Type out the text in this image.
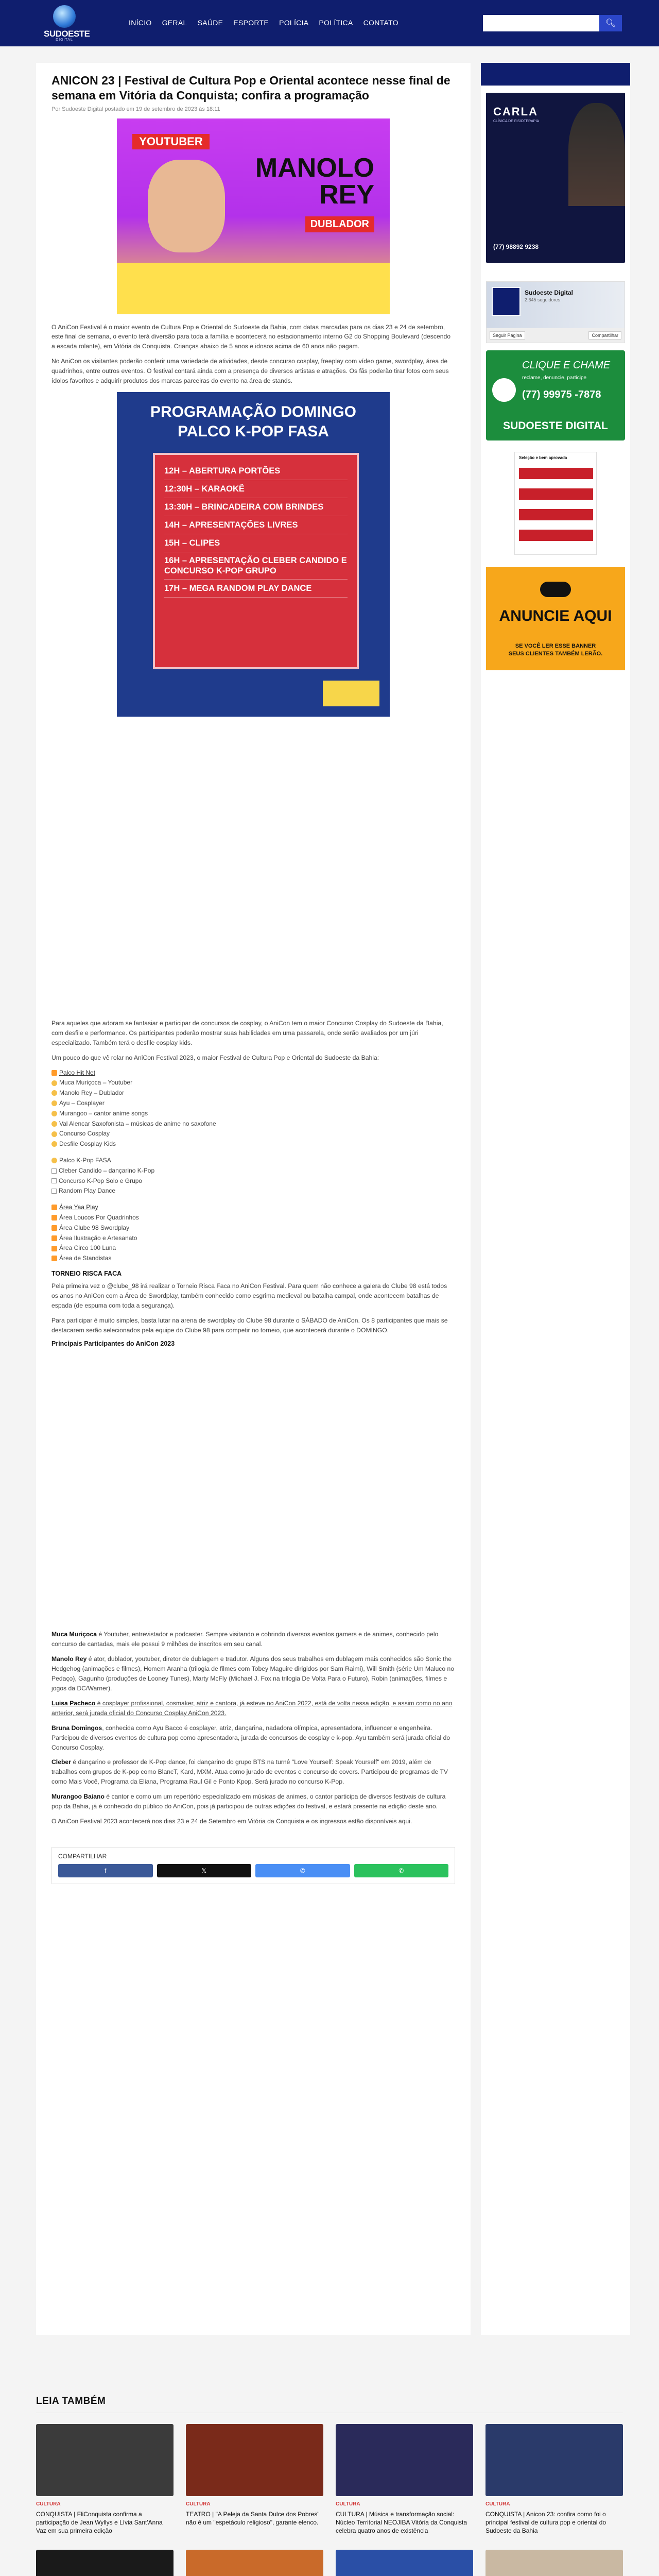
SUDOESTE
DIGITAL
INÍCIO GERAL SAÚDE ESPORTE POLÍCIA POLÍTICA CONTATO	🔍︎
ANICON 23 | Festival de Cultura Pop e Oriental acontece nesse final de semana em Vitória da Conquista; confira a programação
Por Sudoeste Digital postado em 19 de setembro de 2023 às 18:11
YOUTUBER
MANOLO
REY
DUBLADOR

O AniCon Festival é o maior evento de Cultura Pop e Oriental do Sudoeste da Bahia, com datas marcadas para os dias 23 e 24 de setembro, este final de semana, o evento terá diversão para toda a família e acontecerá no estacionamento interno G2 do Shopping Boulevard (descendo a escada rolante), em Vitória da Conquista. Crianças abaixo de 5 anos e idosos acima de 60 anos não pagam.

No AniCon os visitantes poderão conferir uma variedade de atividades, desde concurso cosplay, freeplay com vídeo game, swordplay, área de quadrinhos, entre outros eventos. O festival contará ainda com a presença de diversos artistas e atrações. Os fãs poderão tirar fotos com seus ídolos favoritos e adquirir produtos dos marcas parceiras do evento na área de stands.

PROGRAMAÇÃO DOMINGO
PALCO K-POP FASA
12H – ABERTURA PORTÕES
12:30H – KARAOKÊ
13:30H – BRINCADEIRA COM BRINDES
14H – APRESENTAÇÕES LIVRES
15H – CLIPES
16H – APRESENTAÇÃO CLEBER CANDIDO E CONCURSO K-POP GRUPO
17H – MEGA RANDOM PLAY DANCE

Para aqueles que adoram se fantasiar e participar de concursos de cosplay, o AniCon tem o maior Concurso Cosplay do Sudoeste da Bahia, com desfile e performance. Os participantes poderão mostrar suas habilidades em uma passarela, onde serão avaliados por um júri especializado. Também terá o desfile cosplay kids.

Um pouco do que vê rolar no AniCon Festival 2023, o maior Festival de Cultura Pop e Oriental do Sudoeste da Bahia:

Palco Hit Net
Muca Muriçoca – Youtuber
Manolo Rey – Dublador
Ayu – Cosplayer
Murangoo – cantor anime songs
Val Alencar Saxofonista – músicas de anime no saxofone
Concurso Cosplay
Desfile Cosplay Kids
Palco K-Pop FASA
Cleber Candido – dançarino K-Pop
Concurso K-Pop Solo e Grupo
Random Play Dance
Área Yaa Play
Área Loucos Por Quadrinhos
Área Clube 98 Swordplay
Área Ilustração e Artesanato
Área Circo 100 Luna
Área de Standistas
TORNEIO RISCA FACA

Pela primeira vez o @clube_98 irá realizar o Torneio Risca Faca no AniCon Festival. Para quem não conhece a galera do Clube 98 está todos os anos no AniCon com a Área de Swordplay, também conhecido como esgrima medieval ou batalha campal, onde acontecem batalhas de espada (de espuma com toda a segurança).

Para participar é muito simples, basta lutar na arena de swordplay do Clube 98 durante o SÁBADO de AniCon. Os 8 participantes que mais se destacarem serão selecionados pela equipe do Clube 98 para competir no torneio, que acontecerá durante o DOMINGO.

Principais Participantes do AniCon 2023

Muca Muriçoca é Youtuber, entrevistador e podcaster. Sempre visitando e cobrindo diversos eventos gamers e de animes, conhecido pelo concurso de cantadas, mais ele possui 9 milhões de inscritos em seu canal.

Manolo Rey é ator, dublador, youtuber, diretor de dublagem e tradutor. Alguns dos seus trabalhos em dublagem mais conhecidos são Sonic the Hedgehog (animações e filmes), Homem Aranha (trilogia de filmes com Tobey Maguire dirigidos por Sam Raimi), Will Smith (série Um Maluco no Pedaço), Gagunho (produções de Looney Tunes), Marty McFly (Michael J. Fox na trilogia De Volta Para o Futuro), Robin (animações, filmes e jogos da DC/Warner).

Luisa Pacheco é cosplayer profissional, cosmaker, atriz e cantora, já esteve no AniCon 2022, está de volta nessa edição, e assim como no ano anterior, será jurada oficial do Concurso Cosplay AniCon 2023.

Bruna Domingos, conhecida como Ayu Bacco é cosplayer, atriz, dançarina, nadadora olímpica, apresentadora, influencer e engenheira. Participou de diversos eventos de cultura pop como apresentadora, jurada de concursos de cosplay e k-pop. Ayu também será jurada oficial do Concurso Cosplay.

Cleber é dançarino e professor de K-Pop dance, foi dançarino do grupo BTS na turnê "Love Yourself: Speak Yourself" em 2019, além de trabalhos com grupos de K-pop como BlancT, Kard, MXM. Atua como jurado de eventos e concurso de covers. Participou de programas de TV como Mais Você, Programa da Eliana, Programa Raul Gil e Ponto Kpop. Será jurado no concurso K-Pop.

Murangoo Baiano é cantor e como um um repertório especializado em músicas de animes, o cantor participa de diversos festivais de cultura pop da Bahia, já é conhecido do público do AniCon, pois já participou de outras edições do festival, e estará presente na edição deste ano.

O AniCon Festival 2023 acontecerá nos dias 23 e 24 de Setembro em Vitória da Conquista e os ingressos estão disponíveis aqui.

COMPARTILHAR
f	𝕏	✆	✆
CARLA
CLÍNICA DE FISIOTERAPIA
(77) 98892 9238
Sudoeste Digital
2.645 seguidores
Seguir Página	Compartilhar
CLIQUE E CHAME
reclame, denuncie, participe
(77) 99975 -7878
SUDOESTE DIGITAL
Seleção e bem aprovada
ANUNCIE AQUI
SE VOCÊ LER ESSE BANNER
SEUS CLIENTES TAMBÉM LERÃO.
LEIA TAMBÉM
CULTURA
CONQUISTA | FliConquista confirma a participação de Jean Wyllys e Lívia Sant'Anna Vaz em sua primeira edição
CULTURA
TEATRO | "A Peleja da Santa Dulce dos Pobres" não é um "espetáculo religioso", garante elenco.
CULTURA
CULTURA | Música e transformação social: Núcleo Territorial NEOJIBA Vitória da Conquista celebra quatro anos de existência
CULTURA
CONQUISTA | Anicon 23: confira como foi o principal festival de cultura pop e oriental do Sudoeste da Bahia
